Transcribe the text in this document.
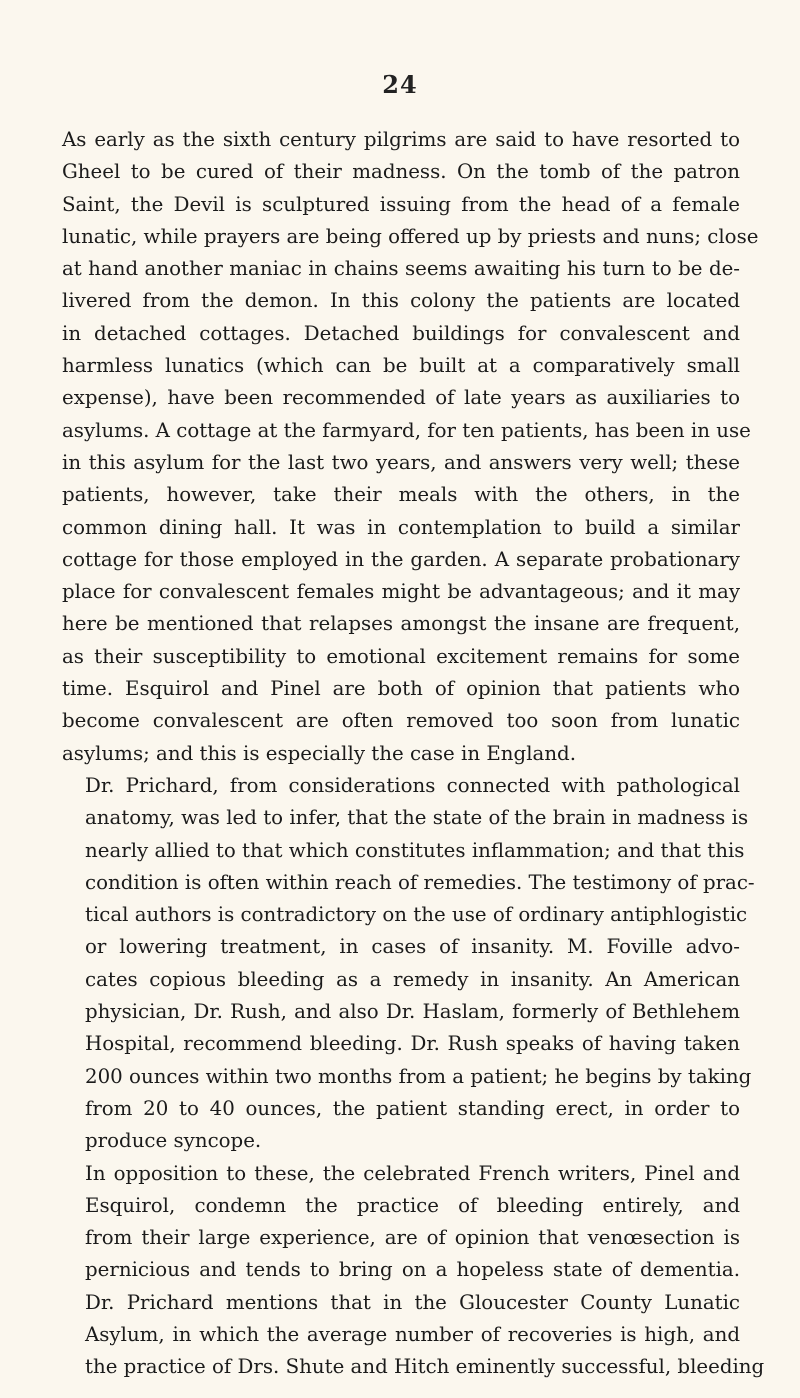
24
As early as the sixth century pilgrims are said to have resorted to
Gheel to be cured of their madness. On the tomb of the patron
Saint, the Devil is sculptured issuing from the head of a female
lunatic, while prayers are being offered up by priests and nuns; close
at hand another maniac in chains seems awaiting his turn to be de-
livered from the demon. In this colony the patients are located
in detached cottages. Detached buildings for convalescent and
harmless lunatics (which can be built at a comparatively small
expense), have been recommended of late years as auxiliaries to
asylums. A cottage at the farmyard, for ten patients, has been in use
in this asylum for the last two years, and answers very well; these
patients, however, take their meals with the others, in the
common dining hall. It was in contemplation to build a similar
cottage for those employed in the garden. A separate probationary
place for convalescent females might be advantageous; and it may
here be mentioned that relapses amongst the insane are frequent,
as their susceptibility to emotional excitement remains for some
time. Esquirol and Pinel are both of opinion that patients who
become convalescent are often removed too soon from lunatic
asylums; and this is especially the case in England.
Dr. Prichard, from considerations connected with pathological
anatomy, was led to infer, that the state of the brain in madness is
nearly allied to that which constitutes inflammation; and that this
condition is often within reach of remedies. The testimony of prac-
tical authors is contradictory on the use of ordinary antiphlogistic
or lowering treatment, in cases of insanity. M. Foville advo-
cates copious bleeding as a remedy in insanity. An American
physician, Dr. Rush, and also Dr. Haslam, formerly of Bethlehem
Hospital, recommend bleeding. Dr. Rush speaks of having taken
200 ounces within two months from a patient; he begins by taking
from 20 to 40 ounces, the patient standing erect, in order to
produce syncope.
In opposition to these, the celebrated French writers, Pinel and
Esquirol, condemn the practice of bleeding entirely, and
from their large experience, are of opinion that venœsection is
pernicious and tends to bring on a hopeless state of dementia.
Dr. Prichard mentions that in the Gloucester County Lunatic
Asylum, in which the average number of recoveries is high, and
the practice of Drs. Shute and Hitch eminently successful, bleeding
